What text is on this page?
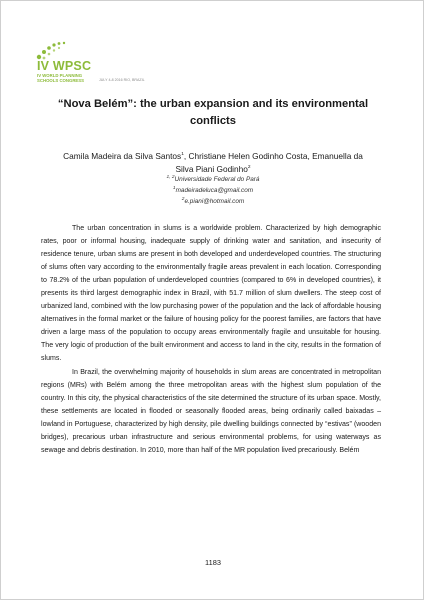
IV WPSC
IV WORLD PLANNING
SCHOOLS CONGRESS	JULY 4-8 2016 RIO, BRAZIL
“Nova Belém”: the urban expansion and its environmental conflicts
Camila Madeira da Silva Santos$^1$, Christiane Helen Godinho Costa, Emanuella da Silva Piani Godinho$^2$
$^{1, 2}$Universidade Federal do Pará
$^1$madeiradeluca@gmail.com
$^2$e.piani@hotmail.com

The urban concentration in slums is a worldwide problem. Characterized by high demographic rates, poor or informal housing, inadequate supply of drinking water and sanitation, and insecurity of residence tenure, urban slums are present in both developed and underdeveloped countries. The structuring of slums often vary according to the environmentally fragile areas prevalent in each location. Corresponding to 78.2% of the urban population of underdeveloped countries (compared to 6% in developed countries), it presents its third largest demographic index in Brazil, with 51.7 million of slum dwellers. The steep cost of urbanized land, combined with the low purchasing power of the population and the lack of affordable housing alternatives in the formal market or the failure of housing policy for the poorest families, are factors that have driven a large mass of the population to occupy areas environmentally fragile and unsuitable for housing. The very logic of production of the built environment and access to land in the city, results in the formation of slums.

In Brazil, the overwhelming majority of households in slum areas are concentrated in metropolitan regions (MRs) with Belém among the three metropolitan areas with the highest slum population of the country. In this city, the physical characteristics of the site determined the structure of its urban space. Mostly, these settlements are located in flooded or seasonally flooded areas, being ordinarily called baixadas – lowland in Portuguese, characterized by high density, pile dwelling buildings connected by “estivas” (wooden bridges), precarious urban infrastructure and serious environmental problems, for using waterways as sewage and debris destination. In 2010, more than half of the MR population lived precariously. Belém

1183
